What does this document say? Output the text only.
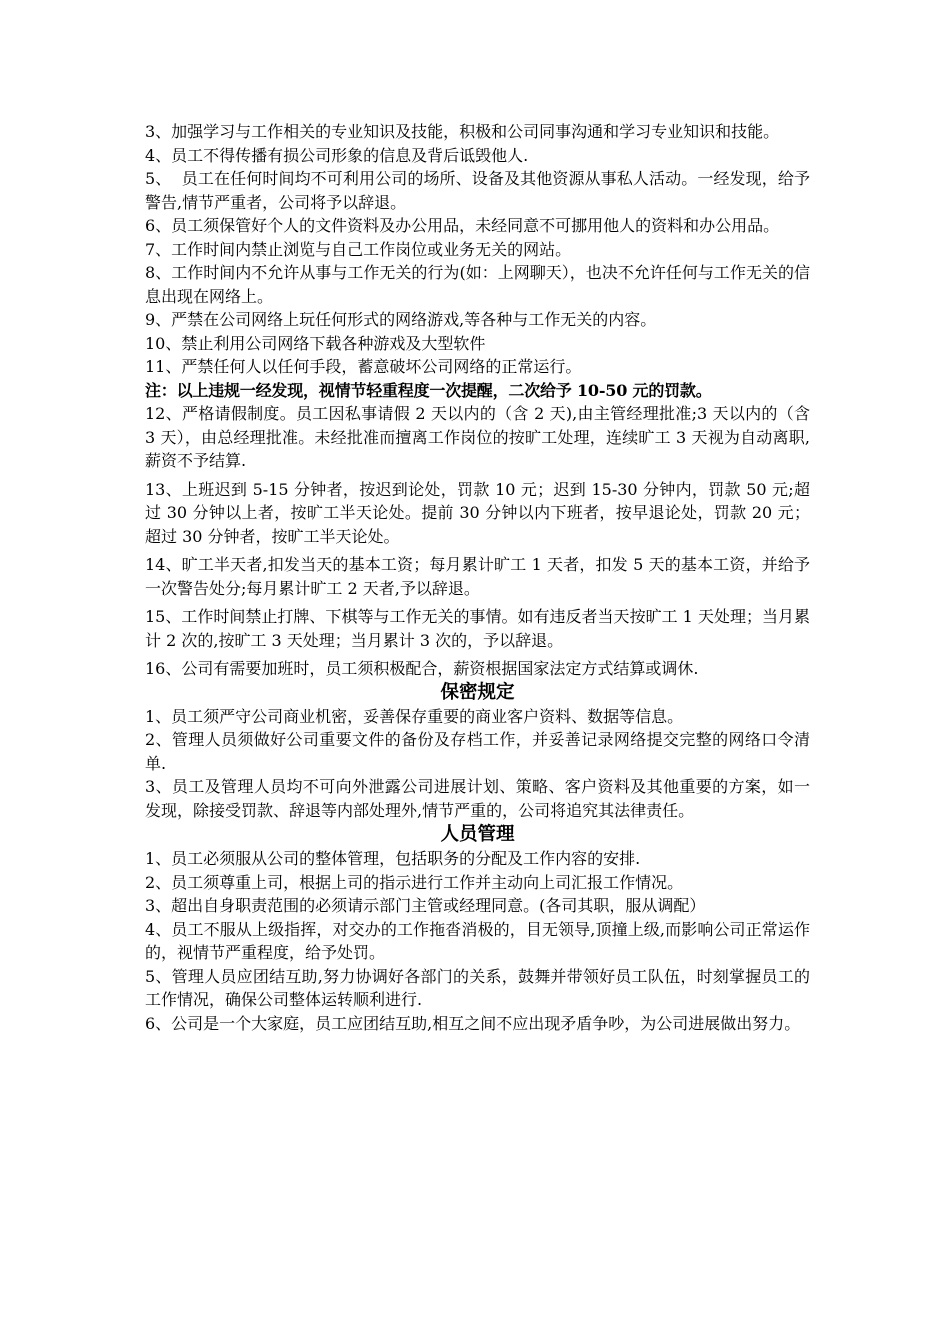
3、加强学习与工作相关的专业知识及技能，积极和公司同事沟通和学习专业知识和技能。

4、员工不得传播有损公司形象的信息及背后诋毁他人.

5、  员工在任何时间均不可利用公司的场所、设备及其他资源从事私人活动。一经发现，给予警告,情节严重者，公司将予以辞退。

6、员工须保管好个人的文件资料及办公用品，未经同意不可挪用他人的资料和办公用品。

7、工作时间内禁止浏览与自己工作岗位或业务无关的网站。

8、工作时间内不允许从事与工作无关的行为(如：上网聊天），也决不允许任何与工作无关的信息出现在网络上。

9、严禁在公司网络上玩任何形式的网络游戏,等各种与工作无关的内容。

10、禁止利用公司网络下载各种游戏及大型软件

11、严禁任何人以任何手段，蓄意破坏公司网络的正常运行。

注：以上违规一经发现，视情节轻重程度一次提醒，二次给予 10-50 元的罚款。

12、严格请假制度。员工因私事请假 2 天以内的（含 2 天),由主管经理批准;3 天以内的（含 3 天），由总经理批准。未经批准而擅离工作岗位的按旷工处理，连续旷工 3 天视为自动离职,薪资不予结算.

13、上班迟到 5-15 分钟者，按迟到论处，罚款 10 元；迟到 15-30 分钟内，罚款 50 元;超过 30 分钟以上者，按旷工半天论处。提前 30 分钟以内下班者，按早退论处，罚款 20 元；超过 30 分钟者，按旷工半天论处。

14、旷工半天者,扣发当天的基本工资；每月累计旷工 1 天者，扣发 5 天的基本工资，并给予一次警告处分;每月累计旷工 2 天者,予以辞退。

15、工作时间禁止打牌、下棋等与工作无关的事情。如有违反者当天按旷工 1 天处理；当月累计 2 次的,按旷工 3 天处理；当月累计 3 次的，予以辞退。

16、公司有需要加班时，员工须积极配合，薪资根据国家法定方式结算或调休.

保密规定

1、员工须严守公司商业机密，妥善保存重要的商业客户资料、数据等信息。

2、管理人员须做好公司重要文件的备份及存档工作，并妥善记录网络提交完整的网络口令清单.

3、员工及管理人员均不可向外泄露公司进展计划、策略、客户资料及其他重要的方案，如一发现，除接受罚款、辞退等内部处理外,情节严重的，公司将追究其法律责任。

人员管理

1、员工必须服从公司的整体管理，包括职务的分配及工作内容的安排.

2、员工须尊重上司，根据上司的指示进行工作并主动向上司汇报工作情况。

3、超出自身职责范围的必须请示部门主管或经理同意。(各司其职，服从调配）

4、员工不服从上级指挥，对交办的工作拖沓消极的，目无领导,顶撞上级,而影响公司正常运作的，视情节严重程度，给予处罚。

5、管理人员应团结互助,努力协调好各部门的关系，鼓舞并带领好员工队伍，时刻掌握员工的工作情况，确保公司整体运转顺利进行.

6、公司是一个大家庭，员工应团结互助,相互之间不应出现矛盾争吵，为公司进展做出努力。
